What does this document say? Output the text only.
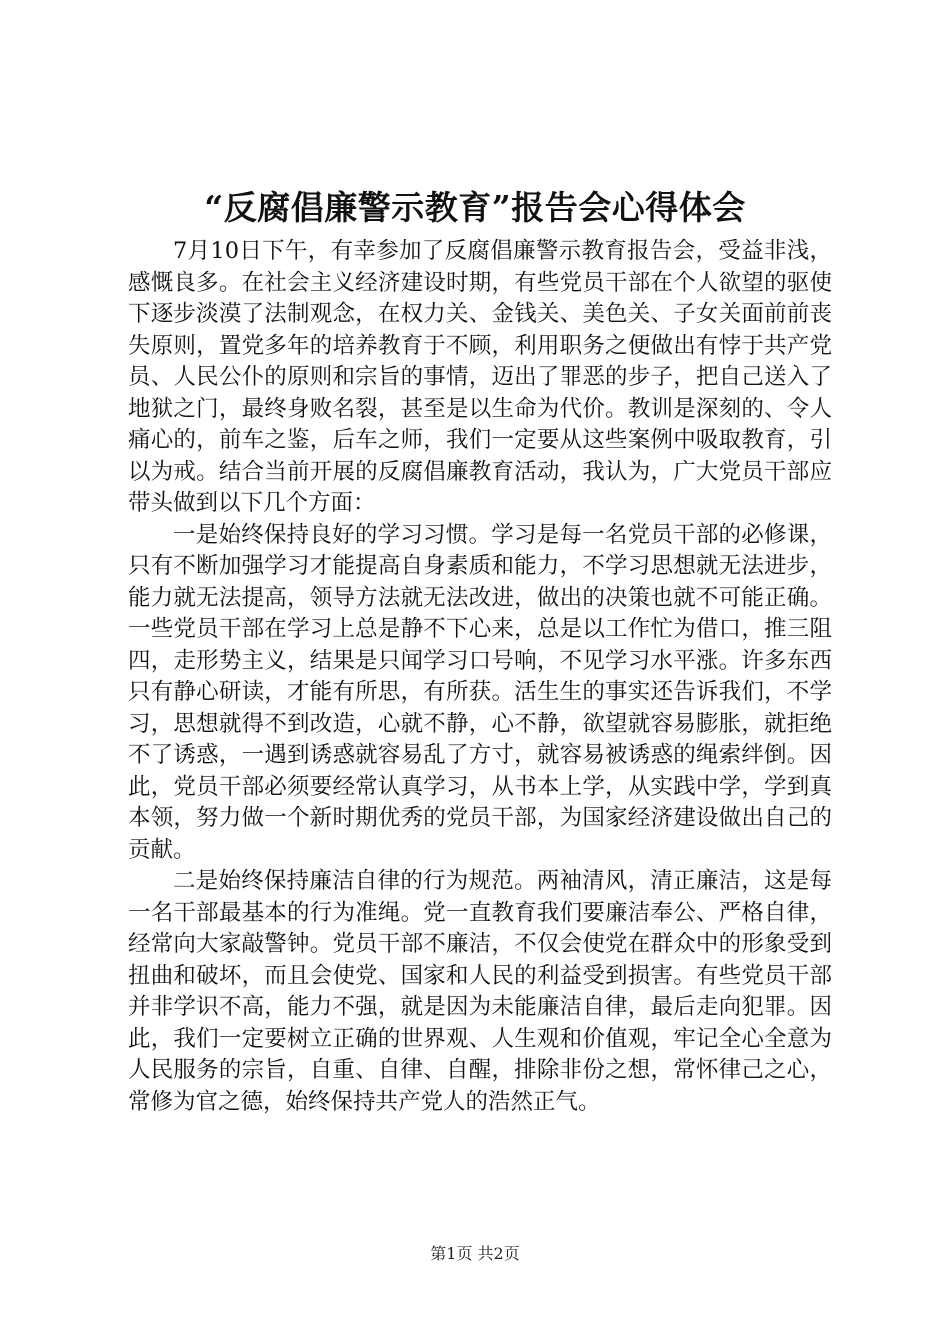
“反腐倡廉警示教育”报告会心得体会

7月10日下午，有幸参加了反腐倡廉警示教育报告会，受益非浅，感慨良多。在社会主义经济建设时期，有些党员干部在个人欲望的驱使下逐步淡漠了法制观念，在权力关、金钱关、美色关、子女关面前前丧失原则，置党多年的培养教育于不顾，利用职务之便做出有悖于共产党员、人民公仆的原则和宗旨的事情，迈出了罪恶的步子，把自己送入了地狱之门，最终身败名裂，甚至是以生命为代价。教训是深刻的、令人痛心的，前车之鉴，后车之师，我们一定要从这些案例中吸取教育，引以为戒。结合当前开展的反腐倡廉教育活动，我认为，广大党员干部应带头做到以下几个方面：

一是始终保持良好的学习习惯。学习是每一名党员干部的必修课，只有不断加强学习才能提高自身素质和能力，不学习思想就无法进步，能力就无法提高，领导方法就无法改进，做出的决策也就不可能正确。一些党员干部在学习上总是静不下心来，总是以工作忙为借口，推三阻四，走形势主义，结果是只闻学习口号响，不见学习水平涨。许多东西只有静心研读，才能有所思，有所获。活生生的事实还告诉我们，不学习，思想就得不到改造，心就不静，心不静，欲望就容易膨胀，就拒绝不了诱惑，一遇到诱惑就容易乱了方寸，就容易被诱惑的绳索绊倒。因此，党员干部必须要经常认真学习，从书本上学，从实践中学，学到真本领，努力做一个新时期优秀的党员干部，为国家经济建设做出自己的贡献。

二是始终保持廉洁自律的行为规范。两袖清风，清正廉洁，这是每一名干部最基本的行为准绳。党一直教育我们要廉洁奉公、严格自律，经常向大家敲警钟。党员干部不廉洁，不仅会使党在群众中的形象受到扭曲和破坏，而且会使党、国家和人民的利益受到损害。有些党员干部并非学识不高，能力不强，就是因为未能廉洁自律，最后走向犯罪。因此，我们一定要树立正确的世界观、人生观和价值观，牢记全心全意为人民服务的宗旨，自重、自律、自醒，排除非份之想，常怀律己之心，常修为官之德，始终保持共产党人的浩然正气。

第1页 共2页
